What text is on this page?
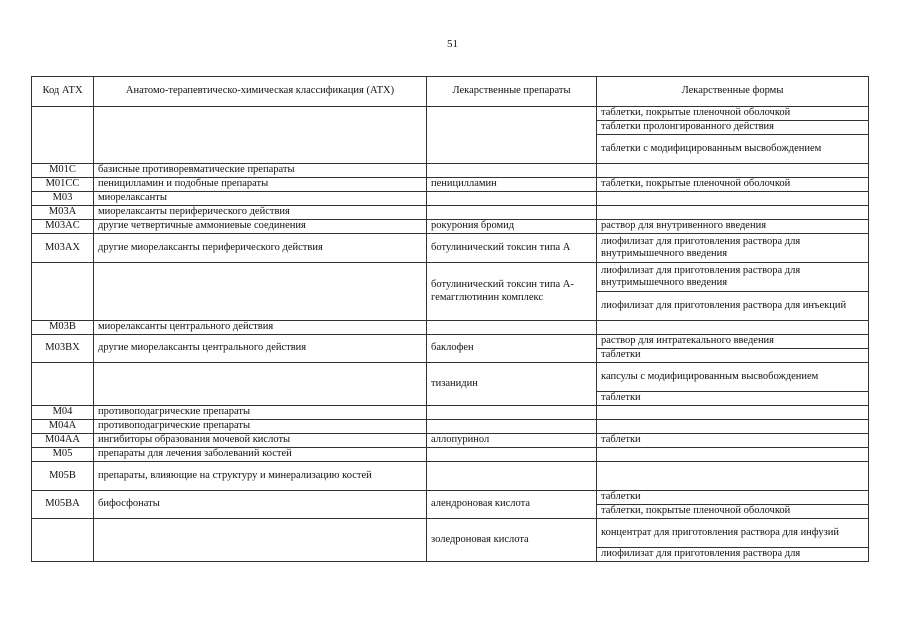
51
Код АТХ	Анатомо-терапевтическо-химическая классификация (АТХ)	Лекарственные препараты	Лекарственные формы
			таблетки, покрытые пленочной оболочкой
			таблетки пролонгированного действия
			таблетки с модифицированным высвобождением
M01C	базисные противоревматические препараты		
M01CC	пеницилламин и подобные препараты	пеницилламин	таблетки, покрытые пленочной оболочкой
M03	миорелаксанты		
M03A	миорелаксанты периферического действия		
M03AC	другие четвертичные аммониевые соединения	рокурония бромид	раствор для внутривенного введения
M03AX	другие миорелаксанты периферического действия	ботулинический токсин типа А	лиофилизат для приготовления раствора для внутримышечного введения
		ботулинический токсин типа А-гемагглютинин комплекс	лиофилизат для приготовления раствора для внутримышечного введения
			лиофилизат для приготовления раствора для инъекций
M03B	миорелаксанты центрального действия		
M03BX	другие миорелаксанты центрального действия	баклофен	раствор для интратекального введения
			таблетки
		тизанидин	капсулы с модифицированным высвобождением
			таблетки
M04	противоподагрические препараты		
M04A	противоподагрические препараты		
M04AA	ингибиторы образования мочевой кислоты	аллопуринол	таблетки
M05	препараты для лечения заболеваний костей		
M05B	препараты, влияющие на структуру и минерализацию костей		
M05BA	бифосфонаты	алендроновая кислота	таблетки
			таблетки, покрытые пленочной оболочкой
		золедроновая кислота	концентрат для приготовления раствора для инфузий
			лиофилизат для приготовления раствора для
